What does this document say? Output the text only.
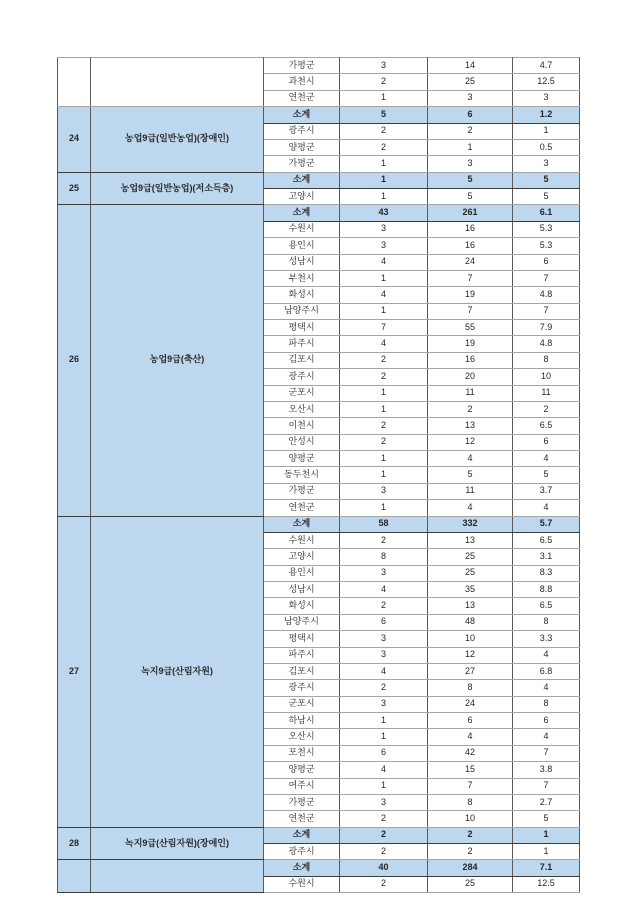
		가평군	3	14	4.7
		과천시	2	25	12.5
		연천군	1	3	3
24	농업9급(일반농업)(장애인)	소계	5	6	1.2
		광주시	2	2	1
		양평군	2	1	0.5
		가평군	1	3	3
25	농업9급(일반농업)(저소득층)	소계	1	5	5
		고양시	1	5	5
26	농업9급(축산)	소계	43	261	6.1
		수원시	3	16	5.3
		용인시	3	16	5.3
		성남시	4	24	6
		부천시	1	7	7
		화성시	4	19	4.8
		남양주시	1	7	7
		평택시	7	55	7.9
		파주시	4	19	4.8
		김포시	2	16	8
		광주시	2	20	10
		군포시	1	11	11
		오산시	1	2	2
		이천시	2	13	6.5
		안성시	2	12	6
		양평군	1	4	4
		동두천시	1	5	5
		가평군	3	11	3.7
		연천군	1	4	4
27	녹지9급(산림자원)	소계	58	332	5.7
		수원시	2	13	6.5
		고양시	8	25	3.1
		용인시	3	25	8.3
		성남시	4	35	8.8
		화성시	2	13	6.5
		남양주시	6	48	8
		평택시	3	10	3.3
		파주시	3	12	4
		김포시	4	27	6.8
		광주시	2	8	4
		군포시	3	24	8
		하남시	1	6	6
		오산시	1	4	4
		포천시	6	42	7
		양평군	4	15	3.8
		여주시	1	7	7
		가평군	3	8	2.7
		연천군	2	10	5
28	녹지9급(산림자원)(장애인)	소계	2	2	1
		광주시	2	2	1
		소계	40	284	7.1
		수원시	2	25	12.5
